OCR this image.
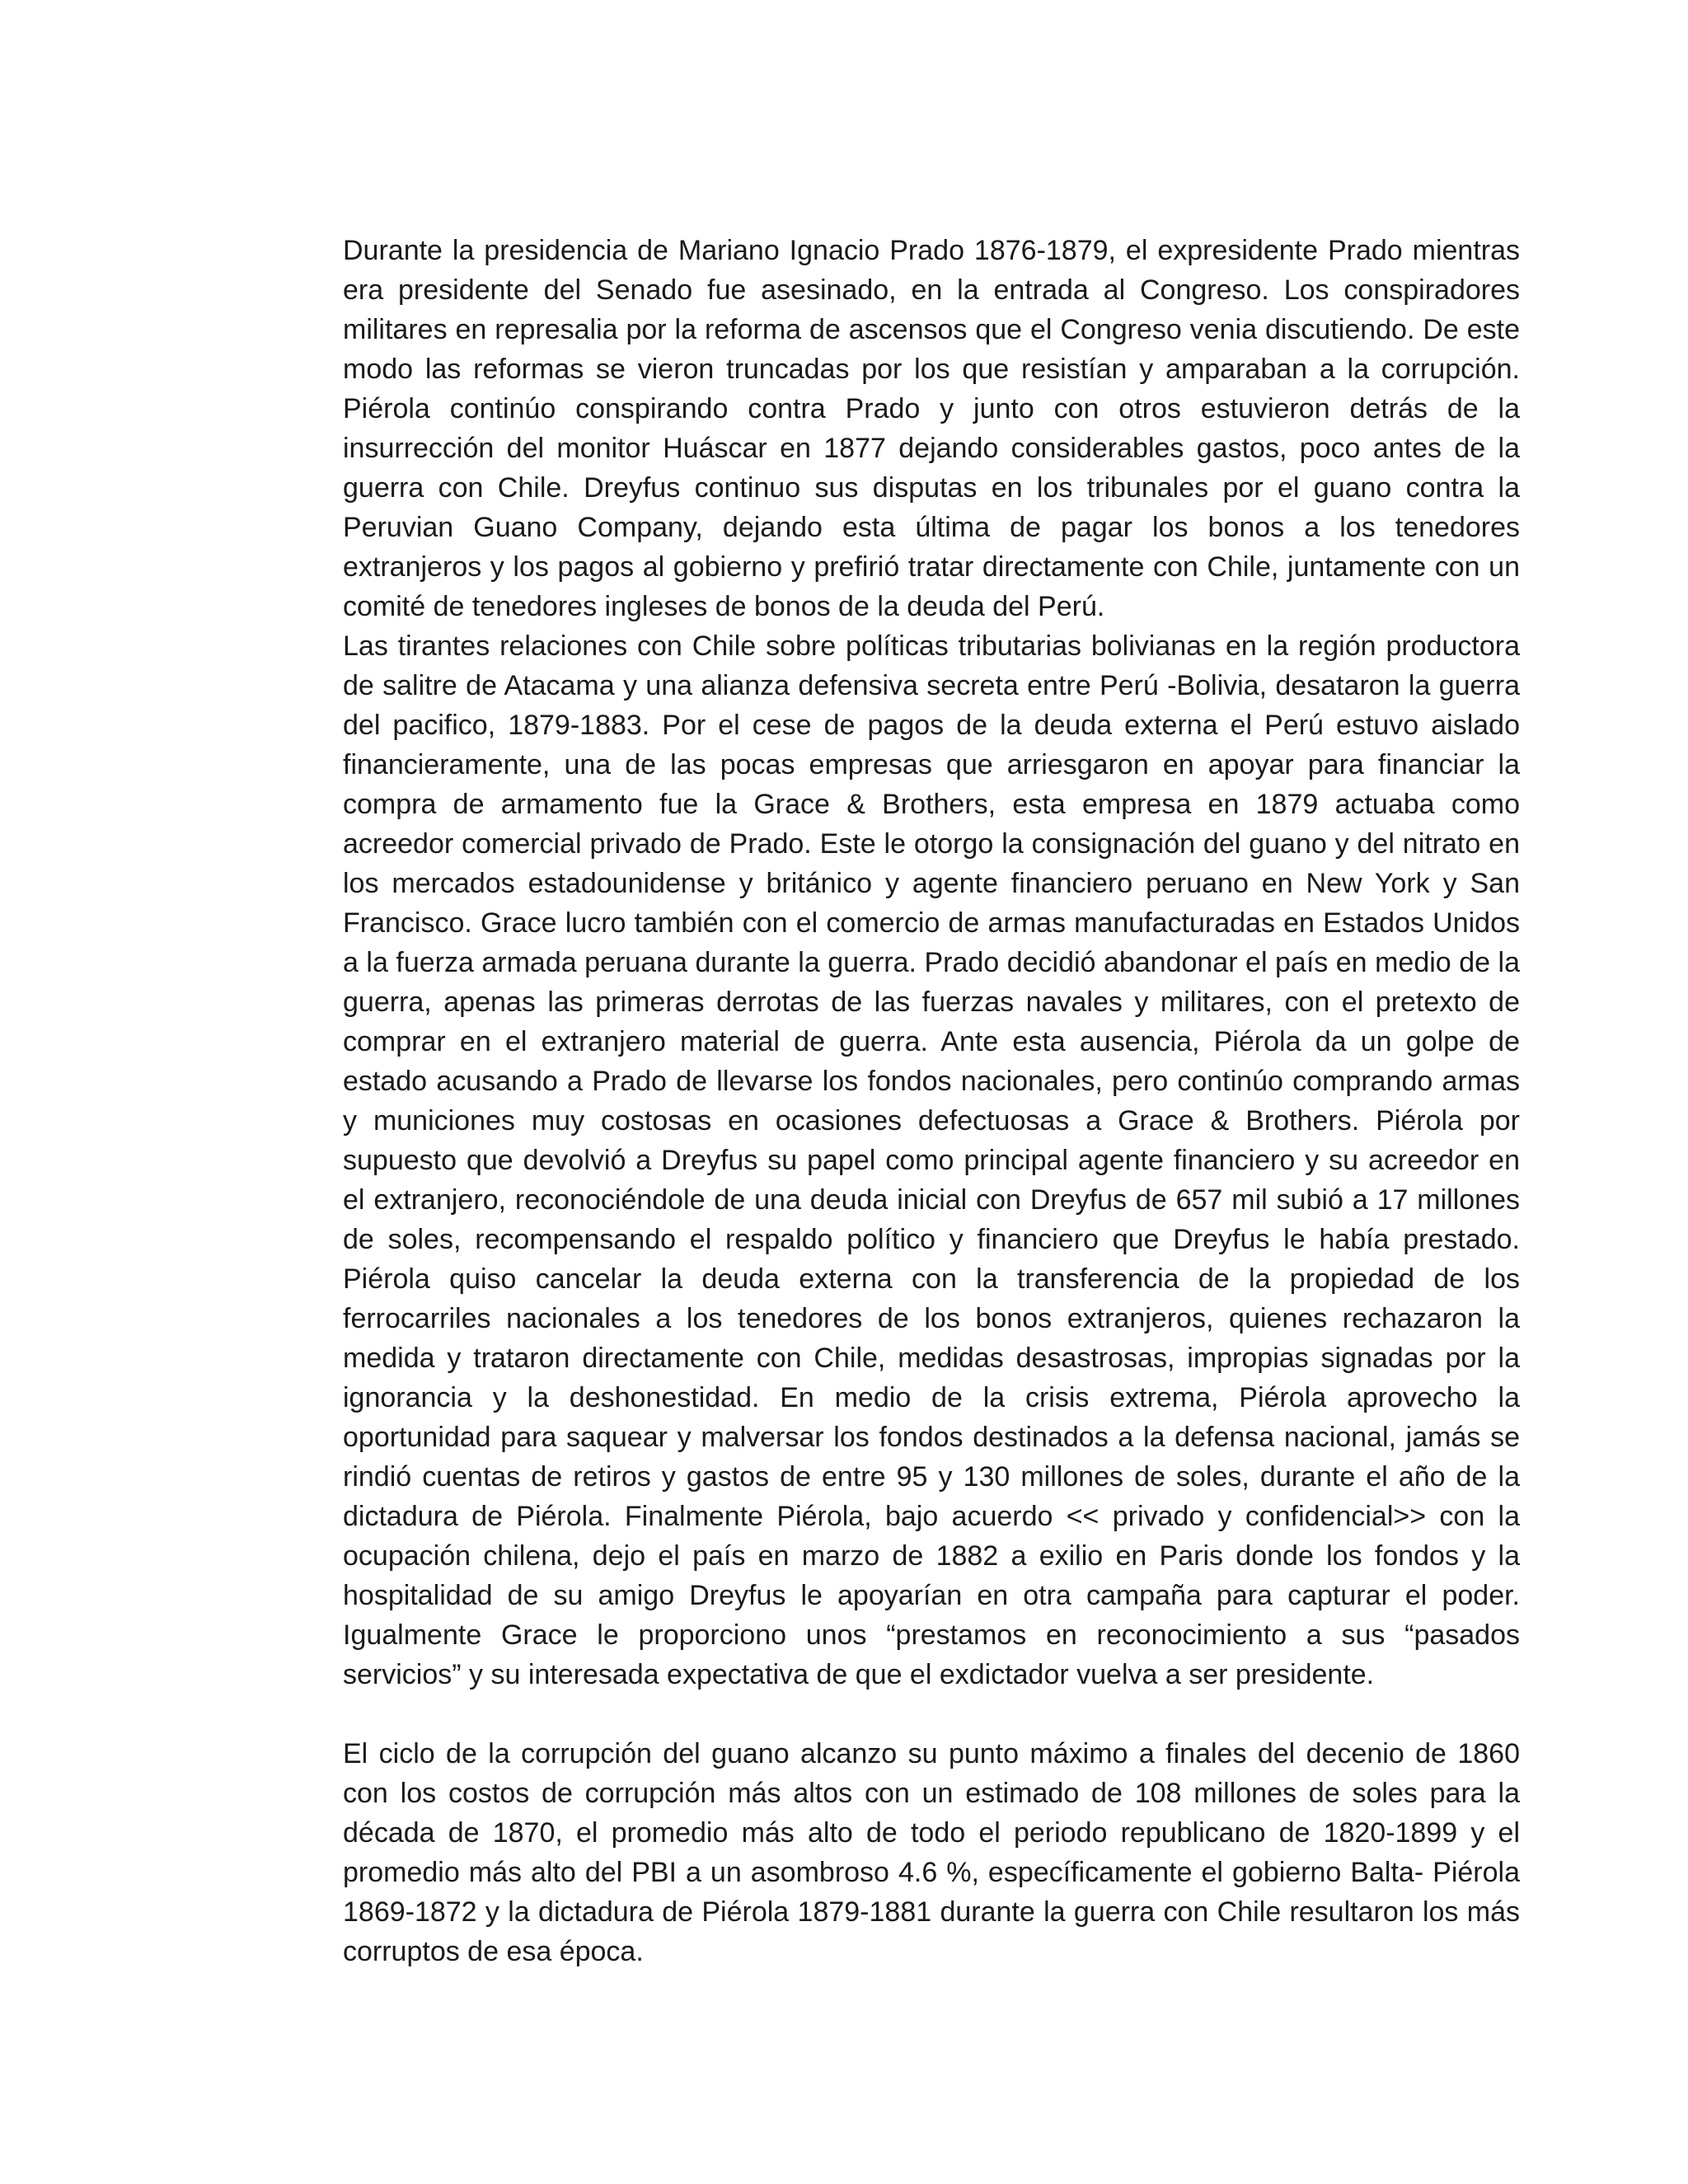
Durante la presidencia de Mariano Ignacio Prado 1876-1879, el expresidente Prado mientras era presidente del Senado fue asesinado, en la entrada al Congreso. Los conspiradores militares en represalia por la reforma de ascensos que el Congreso venia discutiendo. De este modo las reformas se vieron truncadas por los que resistían y amparaban a la corrupción. Piérola continúo conspirando contra Prado y junto con otros estuvieron detrás de la insurrección del monitor Huáscar en 1877 dejando considerables gastos, poco antes de la guerra con Chile. Dreyfus continuo sus disputas en los tribunales por el guano contra la Peruvian Guano Company, dejando esta última de pagar los bonos a los tenedores extranjeros y los pagos al gobierno y prefirió tratar directamente con Chile, juntamente con un comité de tenedores ingleses de bonos de la deuda del Perú.

Las tirantes relaciones con Chile sobre políticas tributarias bolivianas en la región productora de salitre de Atacama y una alianza defensiva secreta entre Perú -Bolivia, desataron la guerra del pacifico, 1879-1883. Por el cese de pagos de la deuda externa el Perú estuvo aislado financieramente, una de las pocas empresas que arriesgaron en apoyar para financiar la compra de armamento fue la Grace & Brothers, esta empresa en 1879 actuaba como acreedor comercial privado de Prado. Este le otorgo la consignación del guano y del nitrato en los mercados estadounidense y británico y agente financiero peruano en New York y San Francisco. Grace lucro también con el comercio de armas manufacturadas en Estados Unidos a la fuerza armada peruana durante la guerra. Prado decidió abandonar el país en medio de la guerra, apenas las primeras derrotas de las fuerzas navales y militares, con el pretexto de comprar en el extranjero material de guerra. Ante esta ausencia, Piérola da un golpe de estado acusando a Prado de llevarse los fondos nacionales, pero continúo comprando armas y municiones muy costosas en ocasiones defectuosas a Grace & Brothers. Piérola por supuesto que devolvió a Dreyfus su papel como principal agente financiero y su acreedor en el extranjero, reconociéndole de una deuda inicial con Dreyfus de 657 mil subió a 17 millones de soles, recompensando el respaldo político y financiero que Dreyfus le había prestado. Piérola quiso cancelar la deuda externa con la transferencia de la propiedad de los ferrocarriles nacionales a los tenedores de los bonos extranjeros, quienes rechazaron la medida y trataron directamente con Chile, medidas desastrosas, impropias signadas por la ignorancia y la deshonestidad. En medio de la crisis extrema, Piérola aprovecho la oportunidad para saquear y malversar los fondos destinados a la defensa nacional, jamás se rindió cuentas de retiros y gastos de entre 95 y 130 millones de soles, durante el año de la dictadura de Piérola. Finalmente Piérola, bajo acuerdo << privado y confidencial>> con la ocupación chilena, dejo el país en marzo de 1882 a exilio en Paris donde los fondos y la hospitalidad de su amigo Dreyfus le apoyarían en otra campaña para capturar el poder. Igualmente Grace le proporciono unos “prestamos en reconocimiento a sus “pasados servicios” y su interesada expectativa de que el exdictador vuelva a ser presidente.

El ciclo de la corrupción del guano alcanzo su punto máximo a finales del decenio de 1860 con los costos de corrupción más altos con un estimado de 108 millones de soles para la década de 1870, el promedio más alto de todo el periodo republicano de 1820-1899 y el promedio más alto del PBI a un asombroso 4.6 %, específicamente el gobierno Balta- Piérola 1869-1872 y la dictadura de Piérola 1879-1881 durante la guerra con Chile resultaron los más corruptos de esa época.
